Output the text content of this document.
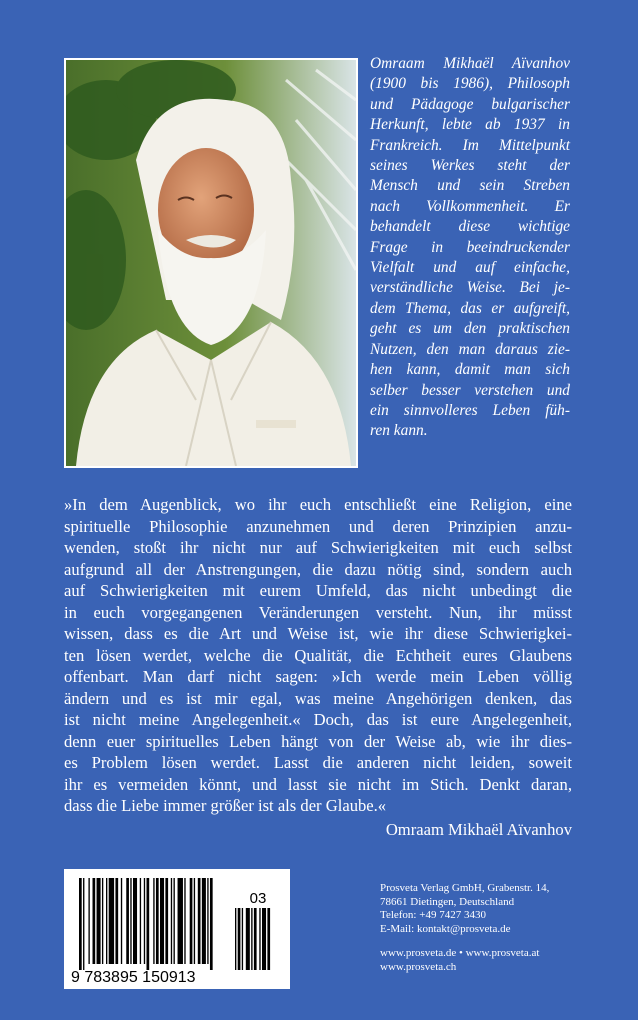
Omraam Mikhaël Aïvanhov
(1900 bis 1986), Philosoph
und Pädagoge bulgarischer
Herkunft, lebte ab 1937 in
Frankreich. Im Mittelpunkt
seines Werkes steht der
Mensch und sein Streben
nach Vollkommenheit. Er
behandelt diese wichtige
Frage in beeindruckender
Vielfalt und auf einfache,
verständliche Weise. Bei je-
dem Thema, das er aufgreift,
geht es um den praktischen
Nutzen, den man daraus zie-
hen kann, damit man sich
selber besser verstehen und
ein sinnvolleres Leben füh-
ren kann.
»In dem Augenblick, wo ihr euch entschließt eine Religion, eine
spirituelle Philosophie anzunehmen und deren Prinzipien anzu-
wenden, stoßt ihr nicht nur auf Schwierigkeiten mit euch selbst
aufgrund all der Anstrengungen, die dazu nötig sind, sondern auch
auf Schwierigkeiten mit eurem Umfeld, das nicht unbedingt die
in euch vorgegangenen Veränderungen versteht. Nun, ihr müsst
wissen, dass es die Art und Weise ist, wie ihr diese Schwierigkei-
ten lösen werdet, welche die Qualität, die Echtheit eures Glaubens
offenbart. Man darf nicht sagen: »Ich werde mein Leben völlig
ändern und es ist mir egal, was meine Angehörigen denken, das
ist nicht meine Angelegenheit.« Doch, das ist eure Angelegenheit,
denn euer spirituelles Leben hängt von der Weise ab, wie ihr dies-
es Problem lösen werdet. Lasst die anderen nicht leiden, soweit
ihr es vermeiden könnt, und lasst sie nicht im Stich. Denkt daran,
dass die Liebe immer größer ist als der Glaube.«
Omraam Mikhaël Aïvanhov
03
9 783895 150913
Prosveta Verlag GmbH, Grabenstr. 14,
78661 Dietingen, Deutschland
Telefon: +49 7427 3430
E-Mail: kontakt@prosveta.de
www.prosveta.de • www.prosveta.at
www.prosveta.ch
